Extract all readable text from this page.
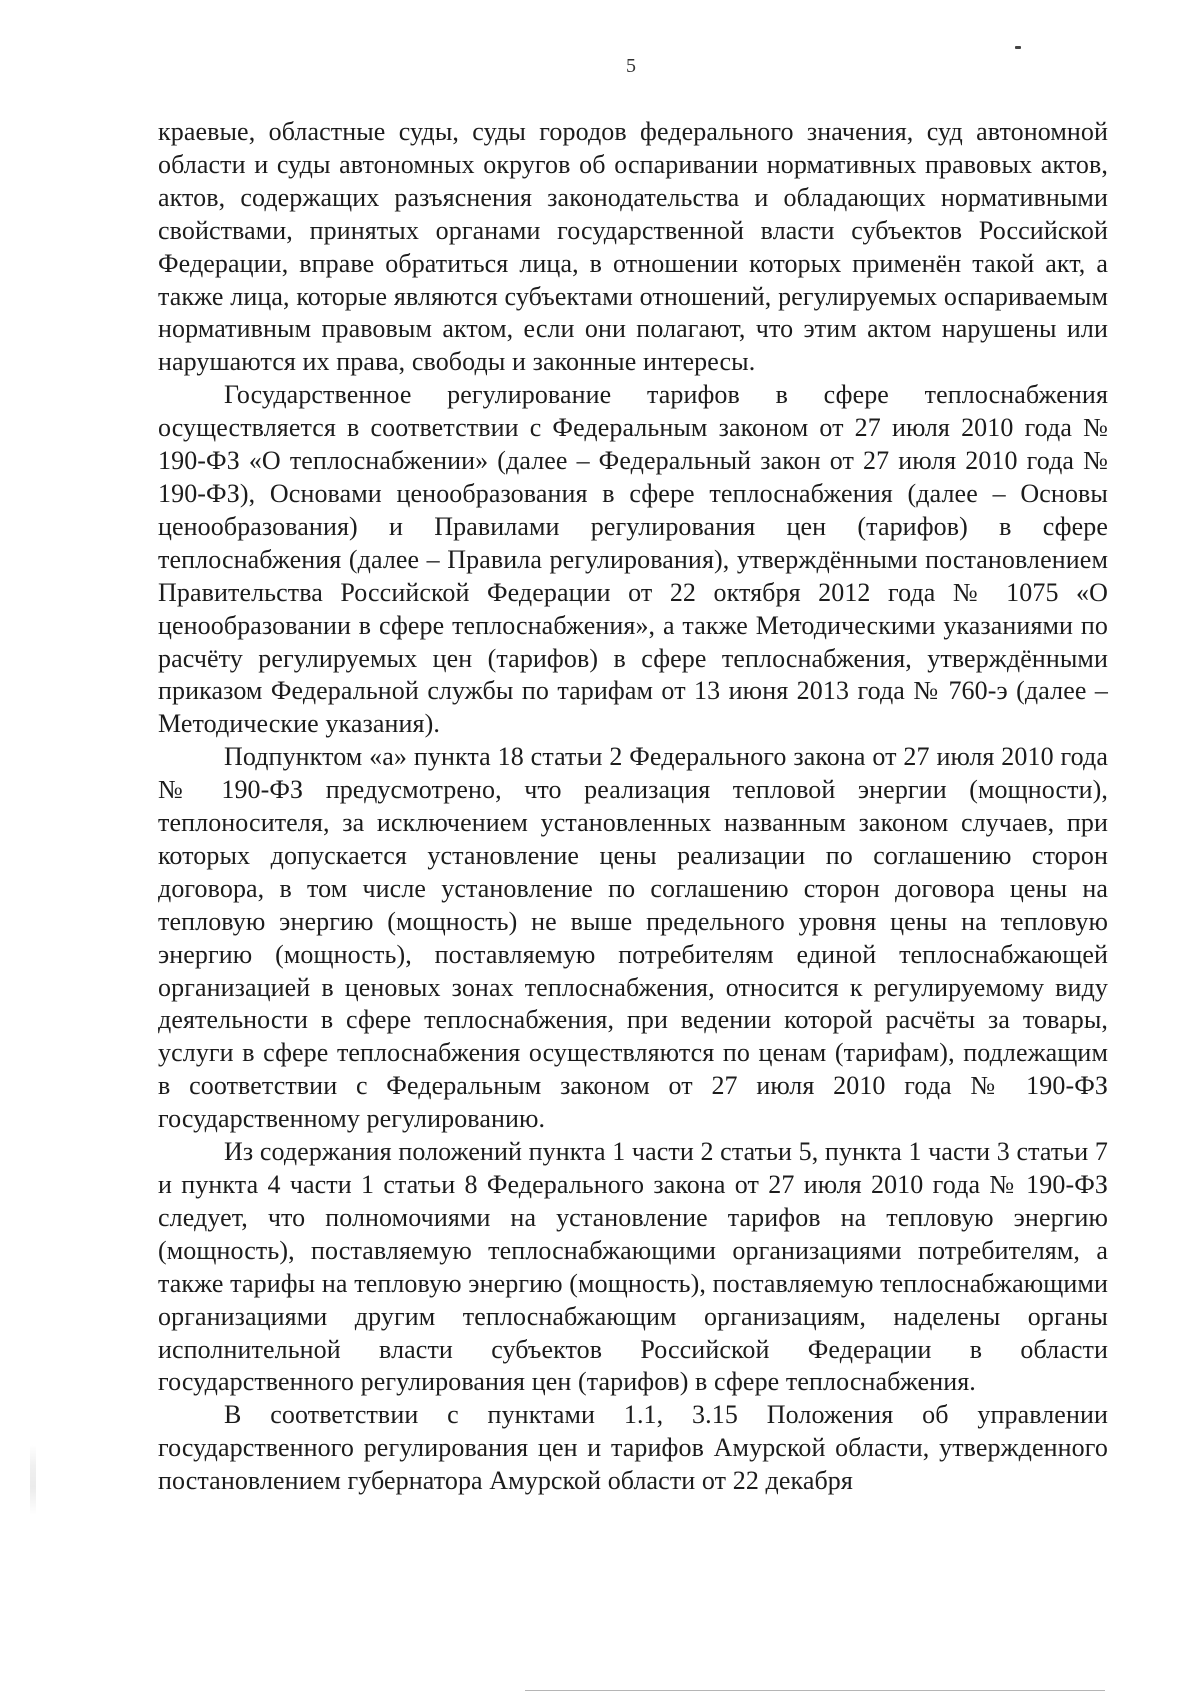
5

краевые, областные суды, суды городов федерального значения, суд автономной области и суды автономных округов об оспаривании нормативных правовых актов, актов, содержащих разъяснения законодательства и обладающих нормативными свойствами, принятых органами государственной власти субъектов Российской Федерации, вправе обратиться лица, в отношении которых применён такой акт, а также лица, которые являются субъектами отношений, регулируемых оспариваемым нормативным правовым актом, если они полагают, что этим актом нарушены или нарушаются их права, свободы и законные интересы.

Государственное регулирование тарифов в сфере теплоснабжения осуществляется в соответствии с Федеральным законом от 27 июля 2010 года № 190-ФЗ «О теплоснабжении» (далее – Федеральный закон от 27 июля 2010 года № 190-ФЗ), Основами ценообразования в сфере теплоснабжения (далее – Основы ценообразования) и Правилами регулирования цен (тарифов) в сфере теплоснабжения (далее – Правила регулирования), утверждёнными постановлением Правительства Российской Федерации от 22 октября 2012 года № 1075 «О ценообразовании в сфере теплоснабжения», а также Методическими указаниями по расчёту регулируемых цен (тарифов) в сфере теплоснабжения, утверждёнными приказом Федеральной службы по тарифам от 13 июня 2013 года № 760-э (далее – Методические указания).

Подпунктом «а» пункта 18 статьи 2 Федерального закона от 27 июля 2010 года № 190-ФЗ предусмотрено, что реализация тепловой энергии (мощности), теплоносителя, за исключением установленных названным законом случаев, при которых допускается установление цены реализации по соглашению сторон договора, в том числе установление по соглашению сторон договора цены на тепловую энергию (мощность) не выше предельного уровня цены на тепловую энергию (мощность), поставляемую потребителям единой теплоснабжающей организацией в ценовых зонах теплоснабжения, относится к регулируемому виду деятельности в сфере теплоснабжения, при ведении которой расчёты за товары, услуги в сфере теплоснабжения осуществляются по ценам (тарифам), подлежащим в соответствии с Федеральным законом от 27 июля 2010 года № 190-ФЗ государственному регулированию.

Из содержания положений пункта 1 части 2 статьи 5, пункта 1 части 3 статьи 7 и пункта 4 части 1 статьи 8 Федерального закона от 27 июля 2010 года № 190-ФЗ следует, что полномочиями на установление тарифов на тепловую энергию (мощность), поставляемую теплоснабжающими организациями потребителям, а также тарифы на тепловую энергию (мощность), поставляемую теплоснабжающими организациями другим теплоснабжающим организациям, наделены органы исполнительной власти субъектов Российской Федерации в области государственного регулирования цен (тарифов) в сфере теплоснабжения.

В соответствии с пунктами 1.1, 3.15 Положения об управлении государственного регулирования цен и тарифов Амурской области, утвержденного постановлением губернатора Амурской области от 22 декабря
